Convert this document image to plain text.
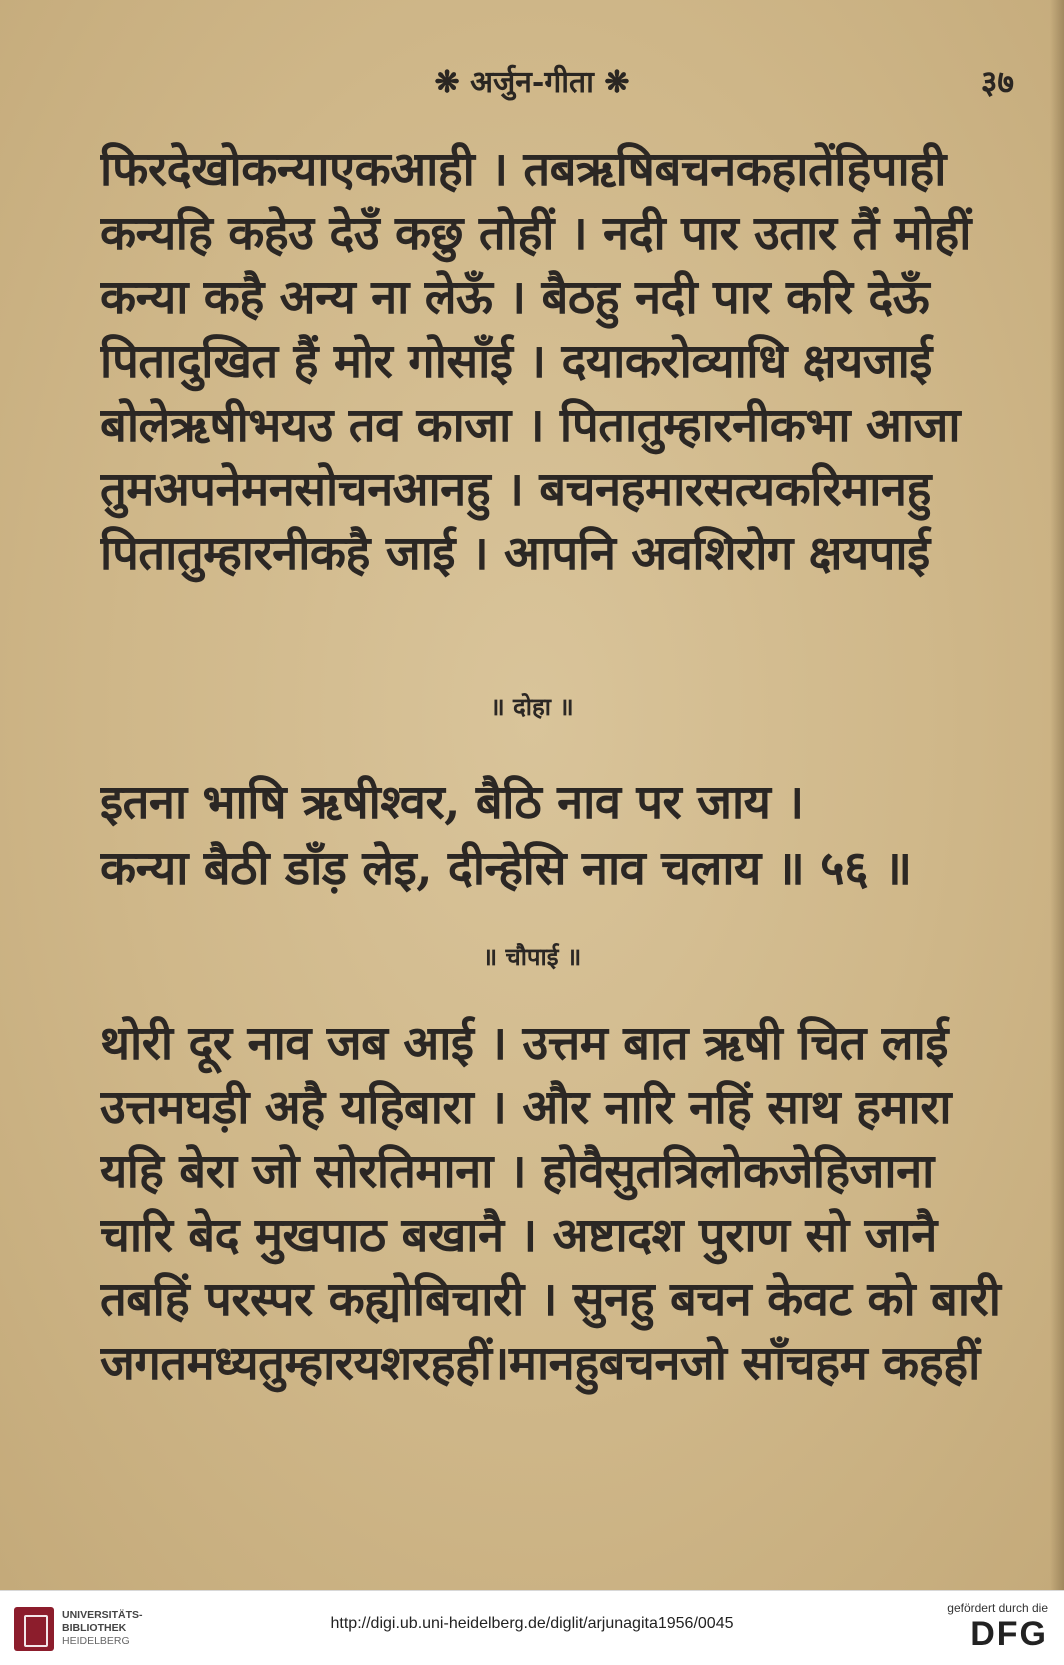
❋ अर्जुन-गीता ❋	३७
फिरदेखोकन्याएकआही । तबऋषिबचनकहातेंहिपाही
कन्यहि कहेउ देउँ कछु तोहीं । नदी पार उतार तैं मोहीं
कन्या कहै अन्य ना लेऊँ । बैठहु नदी पार करि देऊँ
पितादुखित हैं मोर गोसाँई । दयाकरोव्याधि क्षयजाई
बोलेऋषीभयउ तव काजा । पितातुम्हारनीकभा आजा
तुमअपनेमनसोचनआनहु । बचनहमारसत्यकरिमानहु
पितातुम्हारनीकहै जाई । आपनि अवशिरोग क्षयपाई
॥ दोहा ॥
इतना भाषि ऋषीश्वर, बैठि नाव पर जाय ।
कन्या बैठी डाँड़ लेइ, दीन्हेसि नाव चलाय ॥ ५६ ॥
॥ चौपाई ॥
थोरी दूर नाव जब आई । उत्तम बात ऋषी चित लाई
उत्तमघड़ी अहै यहिबारा । और नारि नहिं साथ हमारा
यहि बेरा जो सोरतिमाना । होवैसुतत्रिलोकजेहिजाना
चारि बेद मुखपाठ बखानै । अष्टादश पुराण सो जानै
तबहिं परस्पर कह्योबिचारी । सुनहु बचन केवट को बारी
जगतमध्यतुम्हारयशरहहीं।मानहुबचनजो साँचहम कहहीं
UNIVERSITÄTS-
BIBLIOTHEK
HEIDELBERG
http://digi.ub.uni-heidelberg.de/diglit/arjunagita1956/0045
gefördert durch die
DFG
